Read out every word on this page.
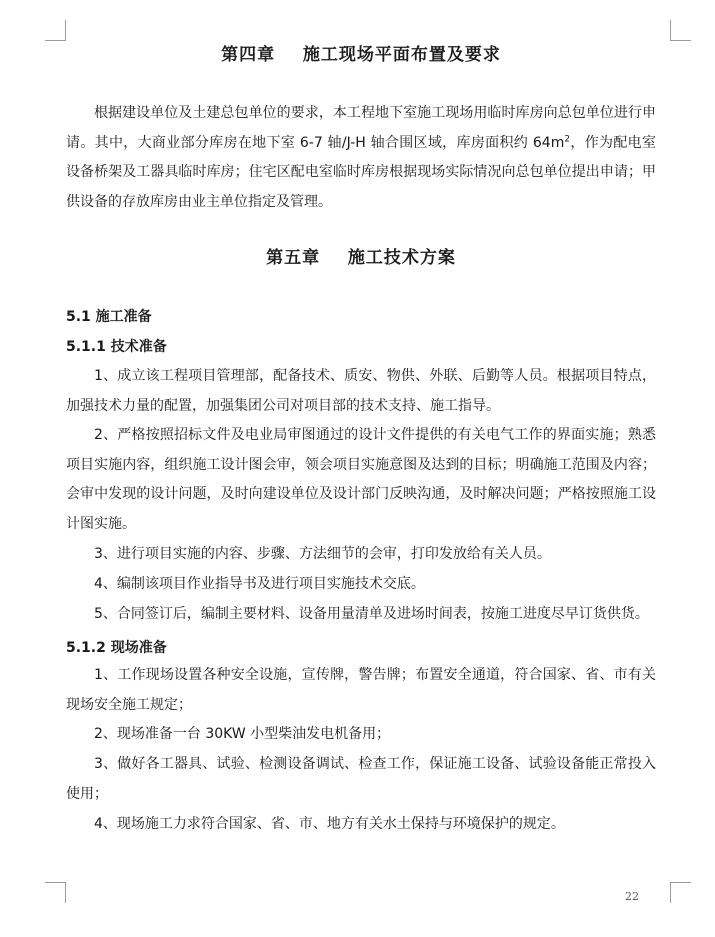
第四章    施工现场平面布置及要求
根据建设单位及土建总包单位的要求，本工程地下室施工现场用临时库房向总包单位进行申请。其中，大商业部分库房在地下室 6-7 轴/J-H 轴合围区域，库房面积约 $64m^2$，作为配电室设备桥架及工器具临时库房；住宅区配电室临时库房根据现场实际情况向总包单位提出申请；甲供设备的存放库房由业主单位指定及管理。
第五章    施工技术方案
5.1 施工准备
5.1.1 技术准备
1、成立该工程项目管理部，配备技术、质安、物供、外联、后勤等人员。根据项目特点，加强技术力量的配置，加强集团公司对项目部的技术支持、施工指导。
2、严格按照招标文件及电业局审图通过的设计文件提供的有关电气工作的界面实施；熟悉项目实施内容，组织施工设计图会审，领会项目实施意图及达到的目标；明确施工范围及内容；会审中发现的设计问题，及时向建设单位及设计部门反映沟通，及时解决问题；严格按照施工设计图实施。
3、进行项目实施的内容、步骤、方法细节的会审，打印发放给有关人员。
4、编制该项目作业指导书及进行项目实施技术交底。
5、合同签订后，编制主要材料、设备用量清单及进场时间表，按施工进度尽早订货供货。
5.1.2 现场准备
1、工作现场设置各种安全设施，宣传牌，警告牌；布置安全通道，符合国家、省、市有关现场安全施工规定；
2、现场准备一台 30KW 小型柴油发电机备用；
3、做好各工器具、试验、检测设备调试、检查工作，保证施工设备、试验设备能正常投入使用；
4、现场施工力求符合国家、省、市、地方有关水土保持与环境保护的规定。
22
